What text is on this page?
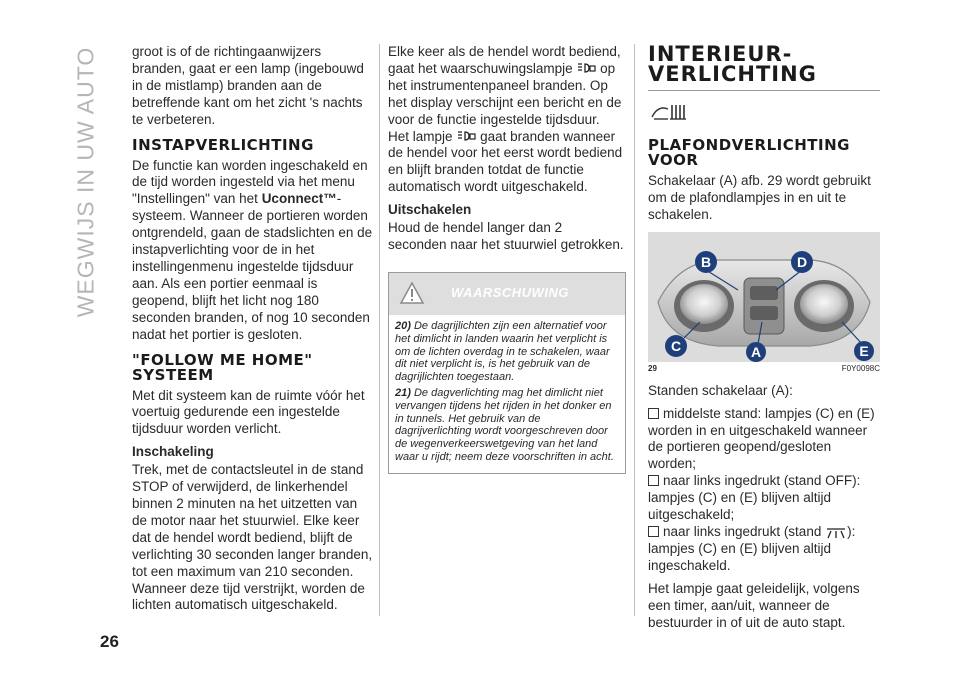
WEGWIJS IN UW AUTO groot is of de richtingaanwijzers branden, gaat er een lamp (ingebouwd in de mistlamp) branden aan de betreffende kant om het zicht 's nachts te verbeteren.

INSTAPVERLICHTING

De functie kan worden ingeschakeld en de tijd worden ingesteld via het menu "Instellingen" van het Uconnect™-systeem. Wanneer de portieren worden ontgrendeld, gaan de stadslichten en de instapverlichting voor de in het instellingenmenu ingestelde tijdsduur aan. Als een portier eenmaal is geopend, blijft het licht nog 180 seconden branden, of nog 10 seconden nadat het portier is gesloten.

"FOLLOW ME HOME" SYSTEEM

Met dit systeem kan de ruimte vóór het voertuig gedurende een ingestelde tijdsduur worden verlicht.

Inschakeling

Trek, met de contactsleutel in de stand STOP of verwijderd, de linkerhendel binnen 2 minuten na het uitzetten van de motor naar het stuurwiel. Elke keer dat de hendel wordt bediend, blijft de verlichting 30 seconden langer branden, tot een maximum van 210 seconden. Wanneer deze tijd verstrijkt, worden de lichten automatisch uitgeschakeld.

Elke keer als de hendel wordt bediend, gaat het waarschuwingslampje op het instrumentenpaneel branden. Op het display verschijnt een bericht en de voor de functie ingestelde tijdsduur. Het lampje gaat branden wanneer de hendel voor het eerst wordt bediend en blijft branden totdat de functie automatisch wordt uitgeschakeld.

Uitschakelen

Houd de hendel langer dan 2 seconden naar het stuurwiel getrokken.

WAARSCHUWING

20) De dagrijlichten zijn een alternatief voor het dimlicht in landen waarin het verplicht is om de lichten overdag in te schakelen, waar dit niet verplicht is, is het gebruik van de dagrijlichten toegestaan.

21) De dagverlichting mag het dimlicht niet vervangen tijdens het rijden in het donker en in tunnels. Het gebruik van de dagrijverlichting wordt voorgeschreven door de wegenverkeerswetgeving van het land waar u rijdt; neem deze voorschriften in acht.

INTERIEUR-
VERLICHTING
PLAFONDVERLICHTING VOOR

Schakelaar (A) afb. 29 wordt gebruikt om de plafondlampjes in en uit te schakelen.

B	D
C	A	E
29	F0Y0098C

Standen schakelaar (A):

middelste stand: lampjes (C) en (E) worden in en uitgeschakeld wanneer de portieren geopend/gesloten worden;

naar links ingedrukt (stand OFF): lampjes (C) en (E) blijven altijd uitgeschakeld;

naar links ingedrukt (stand ): lampjes (C) en (E) blijven altijd ingeschakeld.

Het lampje gaat geleidelijk, volgens een timer, aan/uit, wanneer de bestuurder in of uit de auto stapt.

26
